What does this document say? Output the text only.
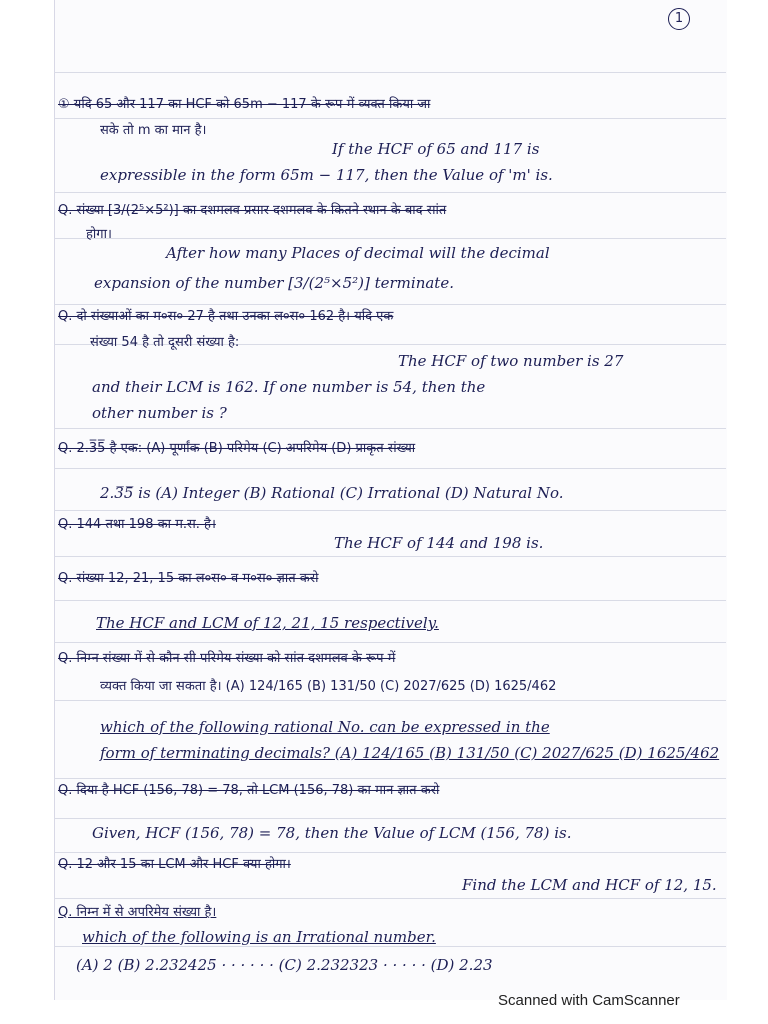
1
① यदि 65 और 117 का HCF को 65m − 117 के रूप में व्यक्त किया जा
सके तो m का मान है।
If the HCF of 65 and 117 is
expressible in the form 65m − 117, then the Value of 'm' is.
Q. संख्या [3/(2⁵×5²)] का दशमलव प्रसार दशमलव के कितने स्थान के बाद सांत
होगा।
After how many Places of decimal will the decimal
expansion of the number [3/(2⁵×5²)] terminate.
Q. दो संख्याओं का म०स० 27 है तथा उनका ल०स० 162 है। यदि एक
संख्या 54 है तो दूसरी संख्या है:
The HCF of two number is 27
and their LCM is 162. If one number is 54, then the
other number is ?
Q. 2.3̅5̅ है एक: (A) पूर्णांक (B) परिमेय (C) अपरिमेय (D) प्राकृत संख्या
2.3̅5̅ is (A) Integer (B) Rational (C) Irrational (D) Natural No.
Q. 144 तथा 198 का म.स. है।
The HCF of 144 and 198 is.
Q. संख्या 12, 21, 15 का ल०स० व म०स० ज्ञात करो
The HCF and LCM of 12, 21, 15 respectively.
Q. निम्न संख्या में से कौन सी परिमेय संख्या को सांत दशमलव के रूप में
व्यक्त किया जा सकता है। (A) 124/165 (B) 131/50 (C) 2027/625 (D) 1625/462
which of the following rational No. can be expressed in the
form of terminating decimals? (A) 124/165 (B) 131/50 (C) 2027/625 (D) 1625/462
Q. दिया है HCF (156, 78) = 78, तो LCM (156, 78) का मान ज्ञात करो
Given, HCF (156, 78) = 78, then the Value of LCM (156, 78) is.
Q. 12 और 15 का LCM और HCF क्या होगा।
Find the LCM and HCF of 12, 15.
Q. निम्न में से अपरिमेय संख्या है।
which of the following is an Irrational number.
(A) 2 (B) 2.232425 · · · · · · (C) 2.232323 · · · · · (D) 2.23
Scanned with CamScanner
